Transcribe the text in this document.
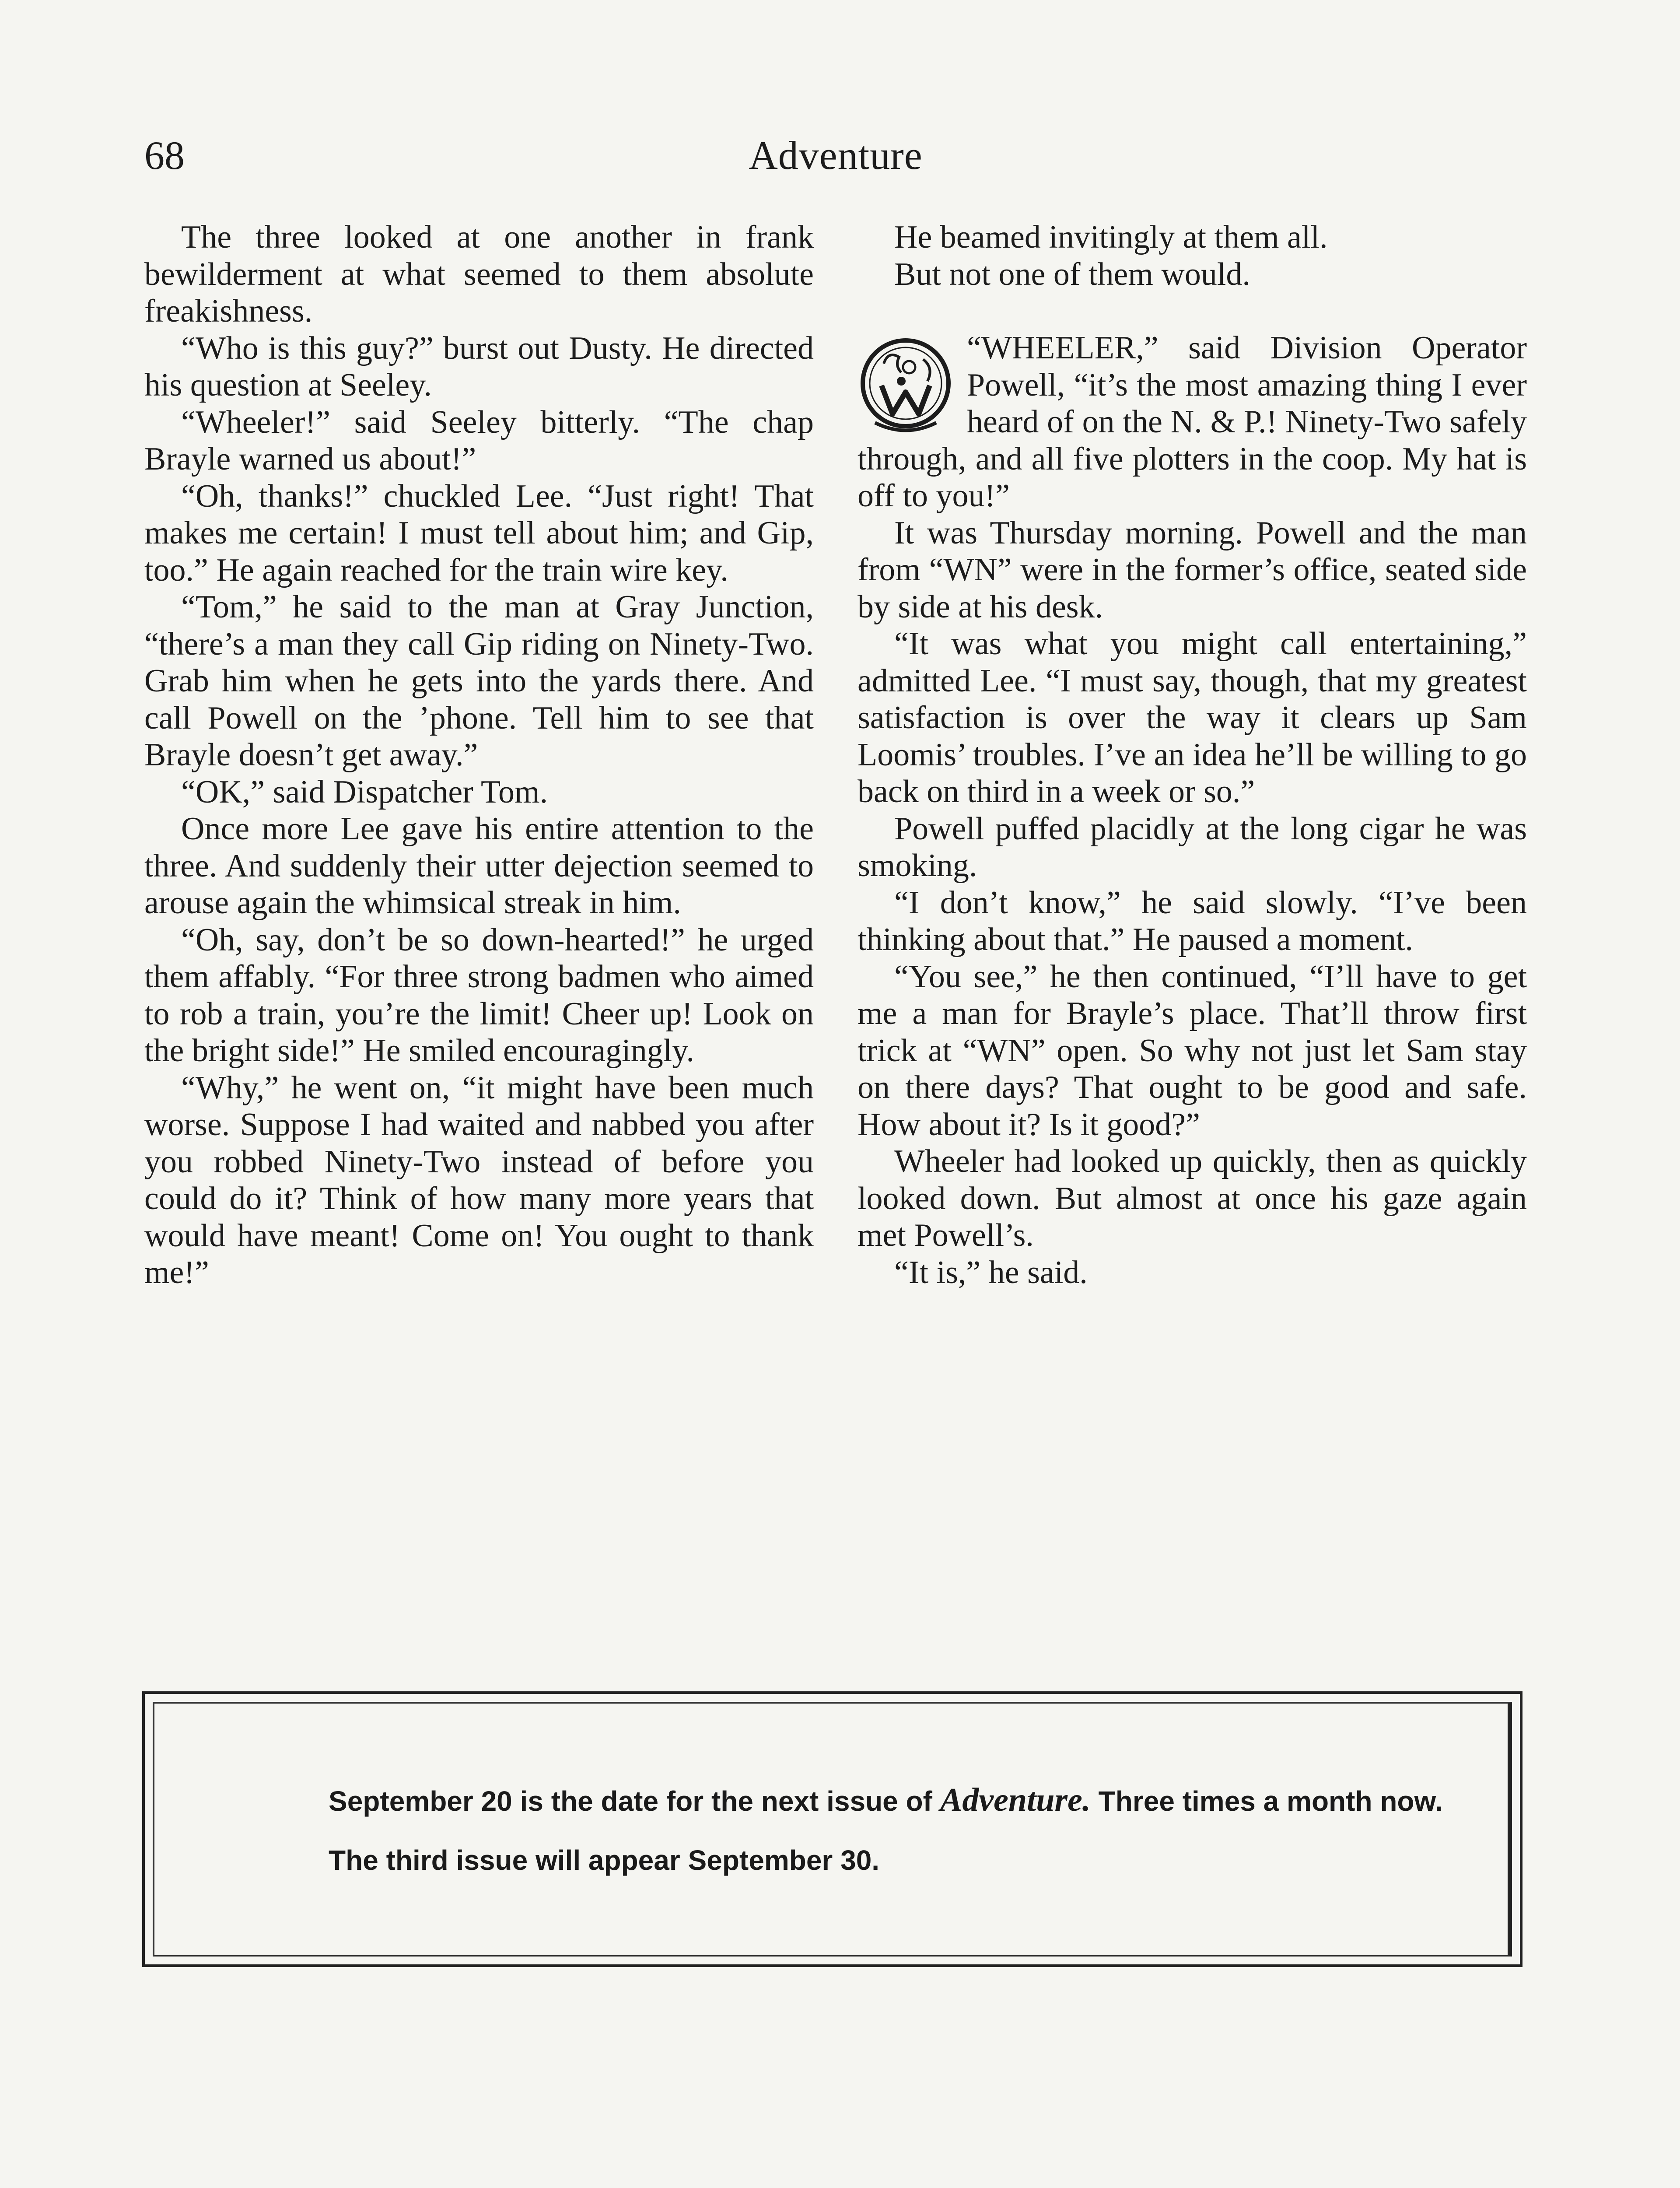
68	Adventure

The three looked at one another in frank bewilderment at what seemed to them absolute freakishness.

“Who is this guy?” burst out Dusty. He directed his question at Seeley.

“Wheeler!” said Seeley bitterly. “The chap Brayle warned us about!”

“Oh, thanks!” chuckled Lee. “Just right! That makes me certain! I must tell about him; and Gip, too.” He again reached for the train wire key.

“Tom,” he said to the man at Gray Junction, “there’s a man they call Gip riding on Ninety-Two. Grab him when he gets into the yards there. And call Powell on the ’phone. Tell him to see that Brayle doesn’t get away.”

“OK,” said Dispatcher Tom.

Once more Lee gave his entire attention to the three. And suddenly their utter dejection seemed to arouse again the whimsical streak in him.

“Oh, say, don’t be so down-hearted!” he urged them affably. “For three strong badmen who aimed to rob a train, you’re the limit! Cheer up! Look on the bright side!” He smiled encouragingly.

“Why,” he went on, “it might have been much worse. Suppose I had waited and nabbed you after you robbed Ninety-Two instead of before you could do it? Think of how many more years that would have meant! Come on! You ought to thank me!”

He beamed invitingly at them all.

But not one of them would.

W
“WHEELER,” said Division Operator Powell, “it’s the most amazing thing I ever heard of on the N. & P.! Ninety-Two safely through, and all five plotters in the coop. My hat is off to you!”

It was Thursday morning. Powell and the man from “WN” were in the former’s office, seated side by side at his desk.

“It was what you might call entertaining,” admitted Lee. “I must say, though, that my greatest satisfaction is over the way it clears up Sam Loomis’ troubles. I’ve an idea he’ll be willing to go back on third in a week or so.”

Powell puffed placidly at the long cigar he was smoking.

“I don’t know,” he said slowly. “I’ve been thinking about that.” He paused a moment.

“You see,” he then continued, “I’ll have to get me a man for Brayle’s place. That’ll throw first trick at “WN” open. So why not just let Sam stay on there days? That ought to be good and safe. How about it? Is it good?”

Wheeler had looked up quickly, then as quickly looked down. But almost at once his gaze again met Powell’s.

“It is,” he said.

September 20 is the date for the next issue of Adventure. Three times a month now. The third issue will appear September 30.
